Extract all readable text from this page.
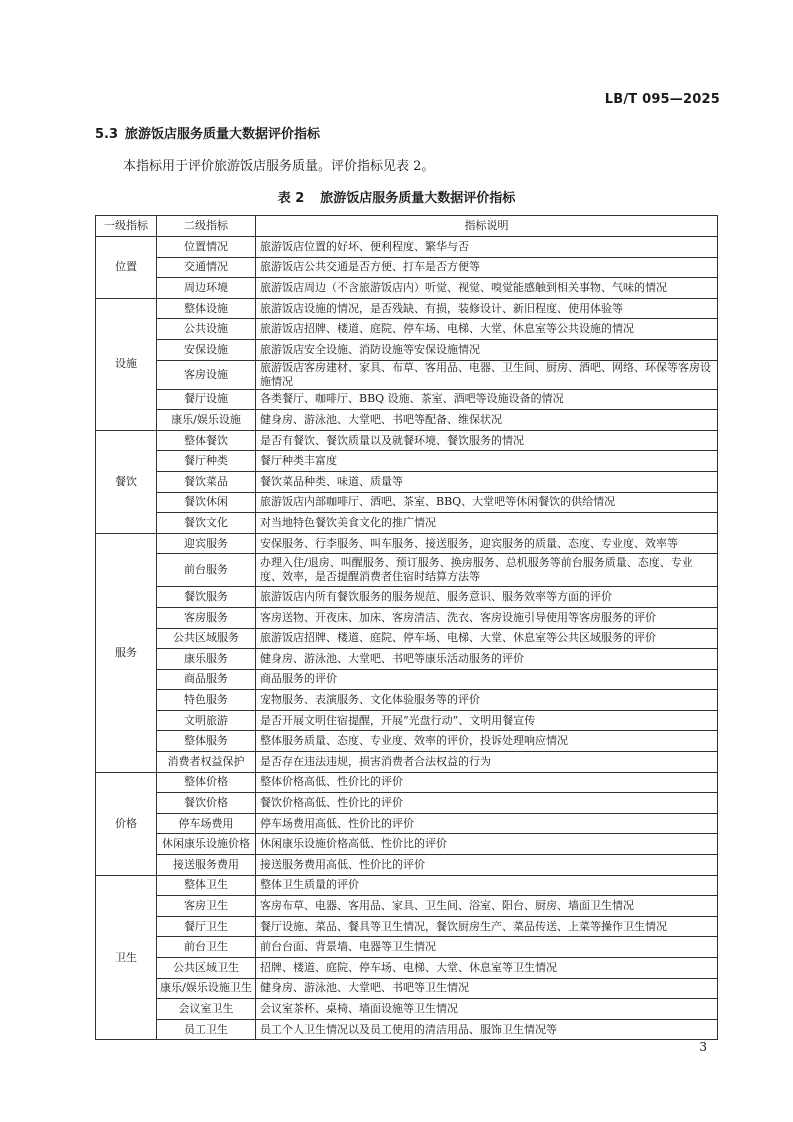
LB/T 095—2025
5.3 旅游饭店服务质量大数据评价指标
本指标用于评价旅游饭店服务质量。评价指标见表 2。
表 2 旅游饭店服务质量大数据评价指标
一级指标	二级指标	指标说明
位置	位置情况	旅游饭店位置的好坏、便利程度、繁华与否
	交通情况	旅游饭店公共交通是否方便、打车是否方便等
	周边环境	旅游饭店周边（不含旅游饭店内）听觉、视觉、嗅觉能感触到相关事物、气味的情况
设施	整体设施	旅游饭店设施的情况，是否残缺、有损，装修设计、新旧程度、使用体验等
	公共设施	旅游饭店招牌、楼道、庭院、停车场、电梯、大堂、休息室等公共设施的情况
	安保设施	旅游饭店安全设施、消防设施等安保设施情况
	客房设施	旅游饭店客房建材、家具、布草、客用品、电器、卫生间、厨房、酒吧、网络、环保等客房设施情况
	餐厅设施	各类餐厅、咖啡厅、BBQ 设施、茶室、酒吧等设施设备的情况
	康乐/娱乐设施	健身房、游泳池、大堂吧、书吧等配备、维保状况
餐饮	整体餐饮	是否有餐饮、餐饮质量以及就餐环境、餐饮服务的情况
	餐厅种类	餐厅种类丰富度
	餐饮菜品	餐饮菜品种类、味道、质量等
	餐饮休闲	旅游饭店内部咖啡厅、酒吧、茶室、BBQ、大堂吧等休闲餐饮的供给情况
	餐饮文化	对当地特色餐饮美食文化的推广情况
服务	迎宾服务	安保服务、行李服务、叫车服务、接送服务，迎宾服务的质量、态度、专业度、效率等
	前台服务	办理入住/退房、叫醒服务、预订服务、换房服务、总机服务等前台服务质量、态度、专业度、效率，是否提醒消费者住宿时结算方法等
	餐饮服务	旅游饭店内所有餐饮服务的服务规范、服务意识、服务效率等方面的评价
	客房服务	客房送物、开夜床、加床、客房清洁、洗衣、客房设施引导使用等客房服务的评价
	公共区域服务	旅游饭店招牌、楼道、庭院、停车场、电梯、大堂、休息室等公共区域服务的评价
	康乐服务	健身房、游泳池、大堂吧、书吧等康乐活动服务的评价
	商品服务	商品服务的评价
	特色服务	宠物服务、表演服务、文化体验服务等的评价
	文明旅游	是否开展文明住宿提醒，开展“光盘行动”、文明用餐宣传
	整体服务	整体服务质量、态度、专业度、效率的评价，投诉处理响应情况
	消费者权益保护	是否存在违法违规，损害消费者合法权益的行为
价格	整体价格	整体价格高低、性价比的评价
	餐饮价格	餐饮价格高低、性价比的评价
	停车场费用	停车场费用高低、性价比的评价
	休闲康乐设施价格	休闲康乐设施价格高低、性价比的评价
	接送服务费用	接送服务费用高低、性价比的评价
卫生	整体卫生	整体卫生质量的评价
	客房卫生	客房布草、电器、客用品、家具、卫生间、浴室、阳台、厨房、墙面卫生情况
	餐厅卫生	餐厅设施、菜品、餐具等卫生情况，餐饮厨房生产、菜品传送、上菜等操作卫生情况
	前台卫生	前台台面、背景墙、电器等卫生情况
	公共区域卫生	招牌、楼道、庭院、停车场、电梯、大堂、休息室等卫生情况
	康乐/娱乐设施卫生	健身房、游泳池、大堂吧、书吧等卫生情况
	会议室卫生	会议室茶杯、桌椅、墙面设施等卫生情况
	员工卫生	员工个人卫生情况以及员工使用的清洁用品、服饰卫生情况等
3
